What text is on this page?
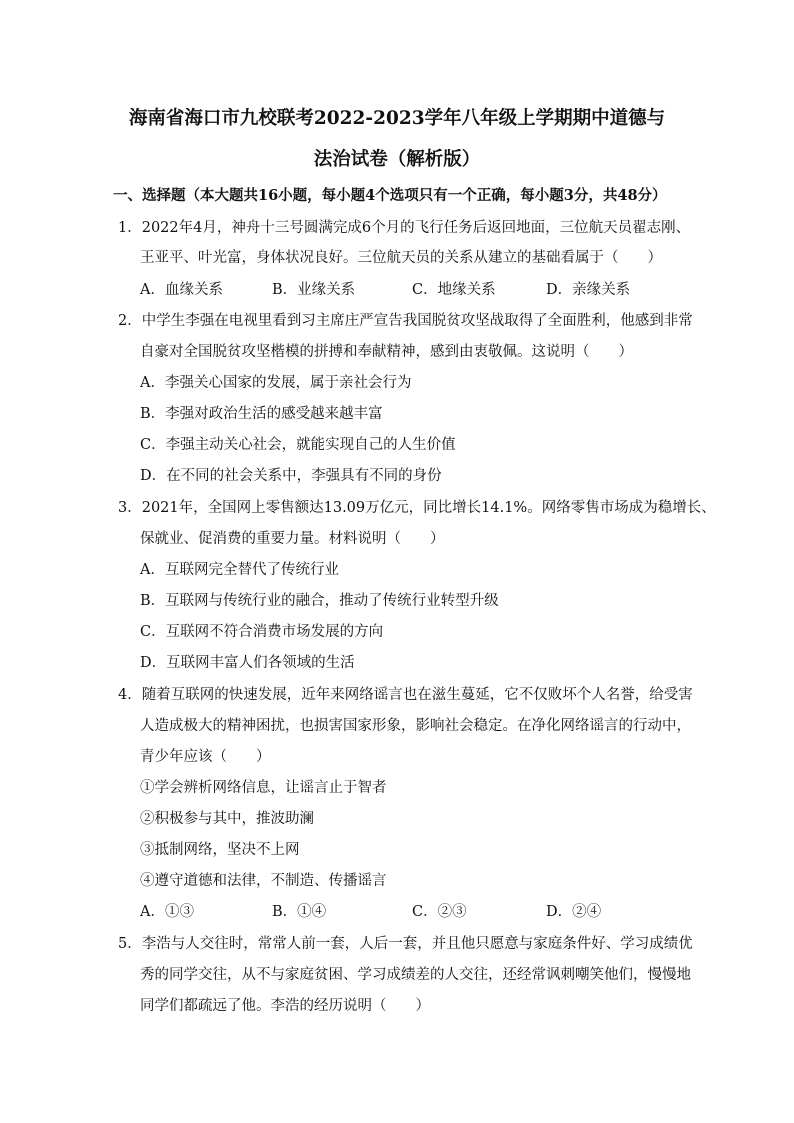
海南省海口市九校联考2022-2023学年八年级上学期期中道德与
法治试卷（解析版）
一、选择题（本大题共16小题，每小题4个选项只有一个正确，每小题3分，共48分）
1．2022年4月，神舟十三号圆满完成6个月的飞行任务后返回地面，三位航天员翟志刚、
王亚平、叶光富，身体状况良好。三位航天员的关系从建立的基础看属于（　　）
A．血缘关系	B．业缘关系	C．地缘关系	D．亲缘关系
2．中学生李强在电视里看到习主席庄严宣告我国脱贫攻坚战取得了全面胜利，他感到非常
自豪对全国脱贫攻坚楷模的拼搏和奉献精神，感到由衷敬佩。这说明（　　）
A．李强关心国家的发展，属于亲社会行为
B．李强对政治生活的感受越来越丰富
C．李强主动关心社会，就能实现自己的人生价值
D．在不同的社会关系中，李强具有不同的身份
3．2021年，全国网上零售额达13.09万亿元，同比增长14.1%。网络零售市场成为稳增长、
保就业、促消费的重要力量。材料说明（　　）
A．互联网完全替代了传统行业
B．互联网与传统行业的融合，推动了传统行业转型升级
C．互联网不符合消费市场发展的方向
D．互联网丰富人们各领域的生活
4．随着互联网的快速发展，近年来网络谣言也在滋生蔓延，它不仅败坏个人名誉，给受害
人造成极大的精神困扰，也损害国家形象，影响社会稳定。在净化网络谣言的行动中，
青少年应该（　　）
①学会辨析网络信息，让谣言止于智者
②积极参与其中，推波助澜
③抵制网络，坚决不上网
④遵守道德和法律，不制造、传播谣言
A．①③	B．①④	C．②③	D．②④
5．李浩与人交往时，常常人前一套，人后一套，并且他只愿意与家庭条件好、学习成绩优
秀的同学交往，从不与家庭贫困、学习成绩差的人交往，还经常讽刺嘲笑他们，慢慢地
同学们都疏远了他。李浩的经历说明（　　）
